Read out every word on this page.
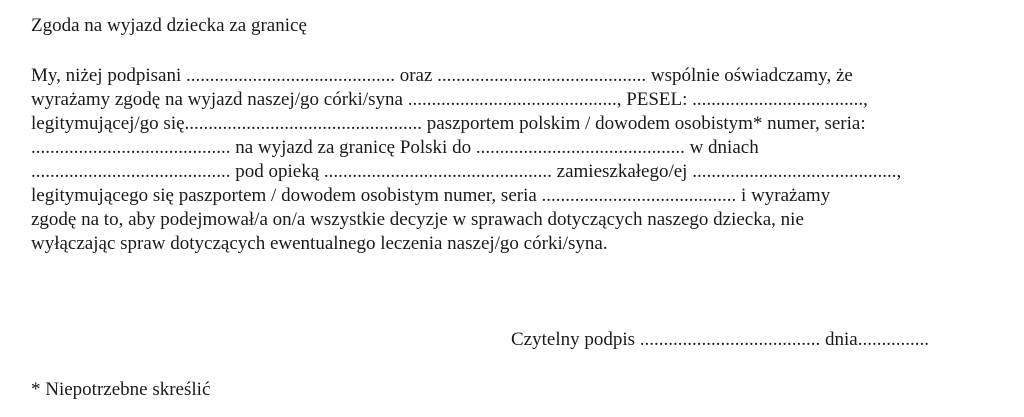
Zgoda na wyjazd dziecka za granicę
My, niżej podpisani ............................................ oraz ............................................ wspólnie oświadczamy, że
wyrażamy zgodę na wyjazd naszej/go córki/syna ............................................, PESEL: ....................................,
legitymującej/go się.................................................. paszportem polskim / dowodem osobistym* numer, seria:
.......................................... na wyjazd za granicę Polski do ............................................ w dniach
.......................................... pod opieką ................................................ zamieszkałego/ej ...........................................,
legitymującego się paszportem / dowodem osobistym numer, seria ......................................... i wyrażamy
zgodę na to, aby podejmował/a on/a wszystkie decyzje w sprawach dotyczących naszego dziecka, nie
wyłączając spraw dotyczących ewentualnego leczenia naszej/go córki/syna.
Czytelny podpis ...................................... dnia...............
* Niepotrzebne skreślić
